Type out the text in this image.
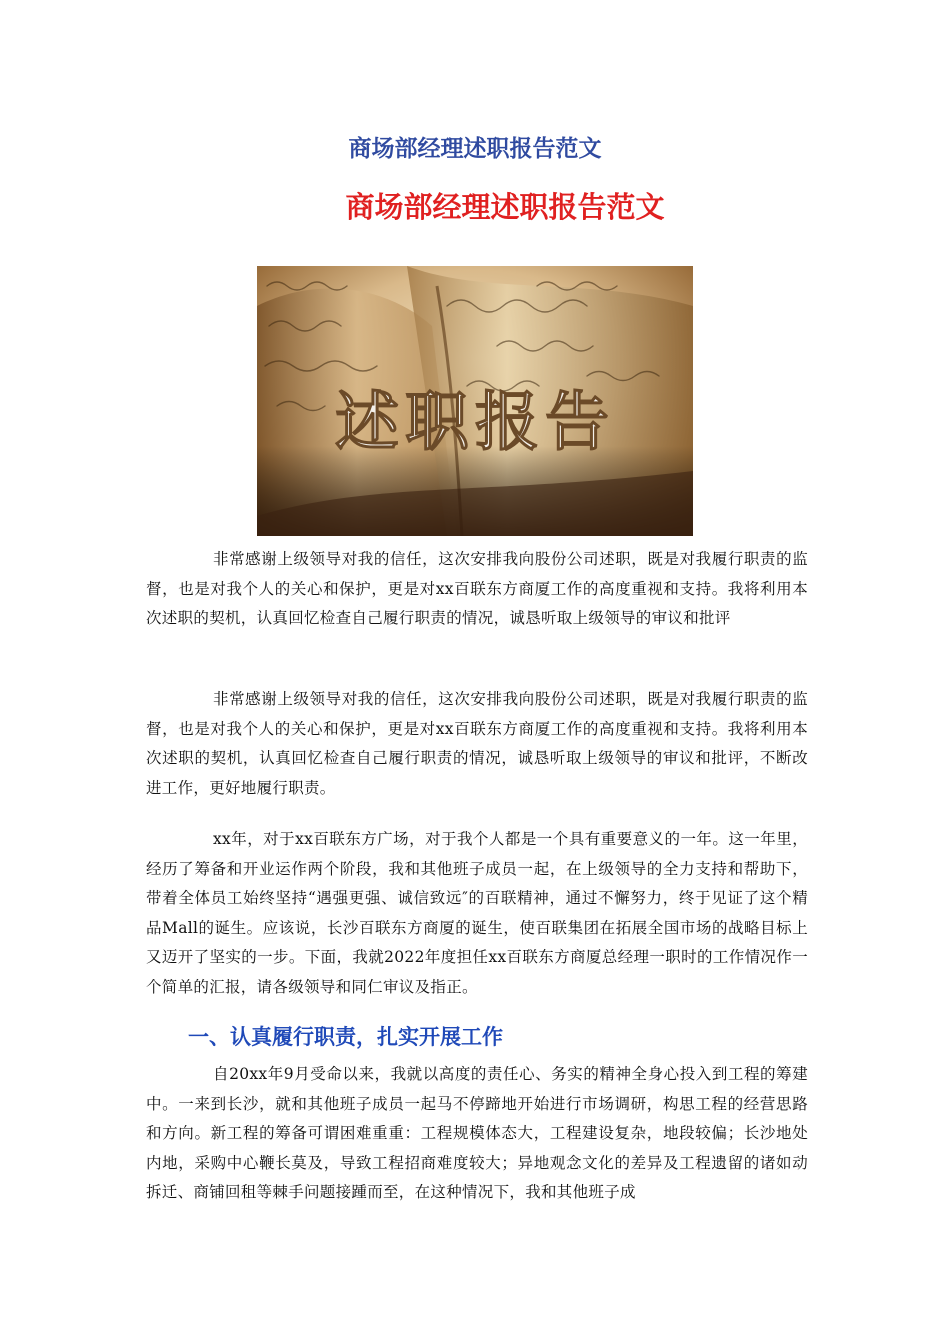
商场部经理述职报告范文
商场部经理述职报告范文
述职报告

非常感谢上级领导对我的信任，这次安排我向股份公司述职，既是对我履行职责的监督，也是对我个人的关心和保护，更是对xx百联东方商厦工作的高度重视和支持。我将利用本次述职的契机，认真回忆检查自己履行职责的情况，诚恳听取上级领导的审议和批评

非常感谢上级领导对我的信任，这次安排我向股份公司述职，既是对我履行职责的监督，也是对我个人的关心和保护，更是对xx百联东方商厦工作的高度重视和支持。我将利用本次述职的契机，认真回忆检查自己履行职责的情况，诚恳听取上级领导的审议和批评，不断改进工作，更好地履行职责。

xx年，对于xx百联东方广场，对于我个人都是一个具有重要意义的一年。这一年里，经历了筹备和开业运作两个阶段，我和其他班子成员一起，在上级领导的全力支持和帮助下，带着全体员工始终坚持“遇强更强、诚信致远″的百联精神，通过不懈努力，终于见证了这个精品Mall的诞生。应该说，长沙百联东方商厦的诞生，使百联集团在拓展全国市场的战略目标上又迈开了坚实的一步。下面，我就2022年度担任xx百联东方商厦总经理一职时的工作情况作一个简单的汇报，请各级领导和同仁审议及指正。

一、认真履行职责，扎实开展工作

自20xx年9月受命以来，我就以高度的责任心、务实的精神全身心投入到工程的筹建中。一来到长沙，就和其他班子成员一起马不停蹄地开始进行市场调研，构思工程的经营思路和方向。新工程的筹备可谓困难重重：工程规模体态大，工程建设复杂，地段较偏；长沙地处内地，采购中心鞭长莫及，导致工程招商难度较大；异地观念文化的差异及工程遗留的诸如动拆迁、商铺回租等棘手问题接踵而至，在这种情况下，我和其他班子成
